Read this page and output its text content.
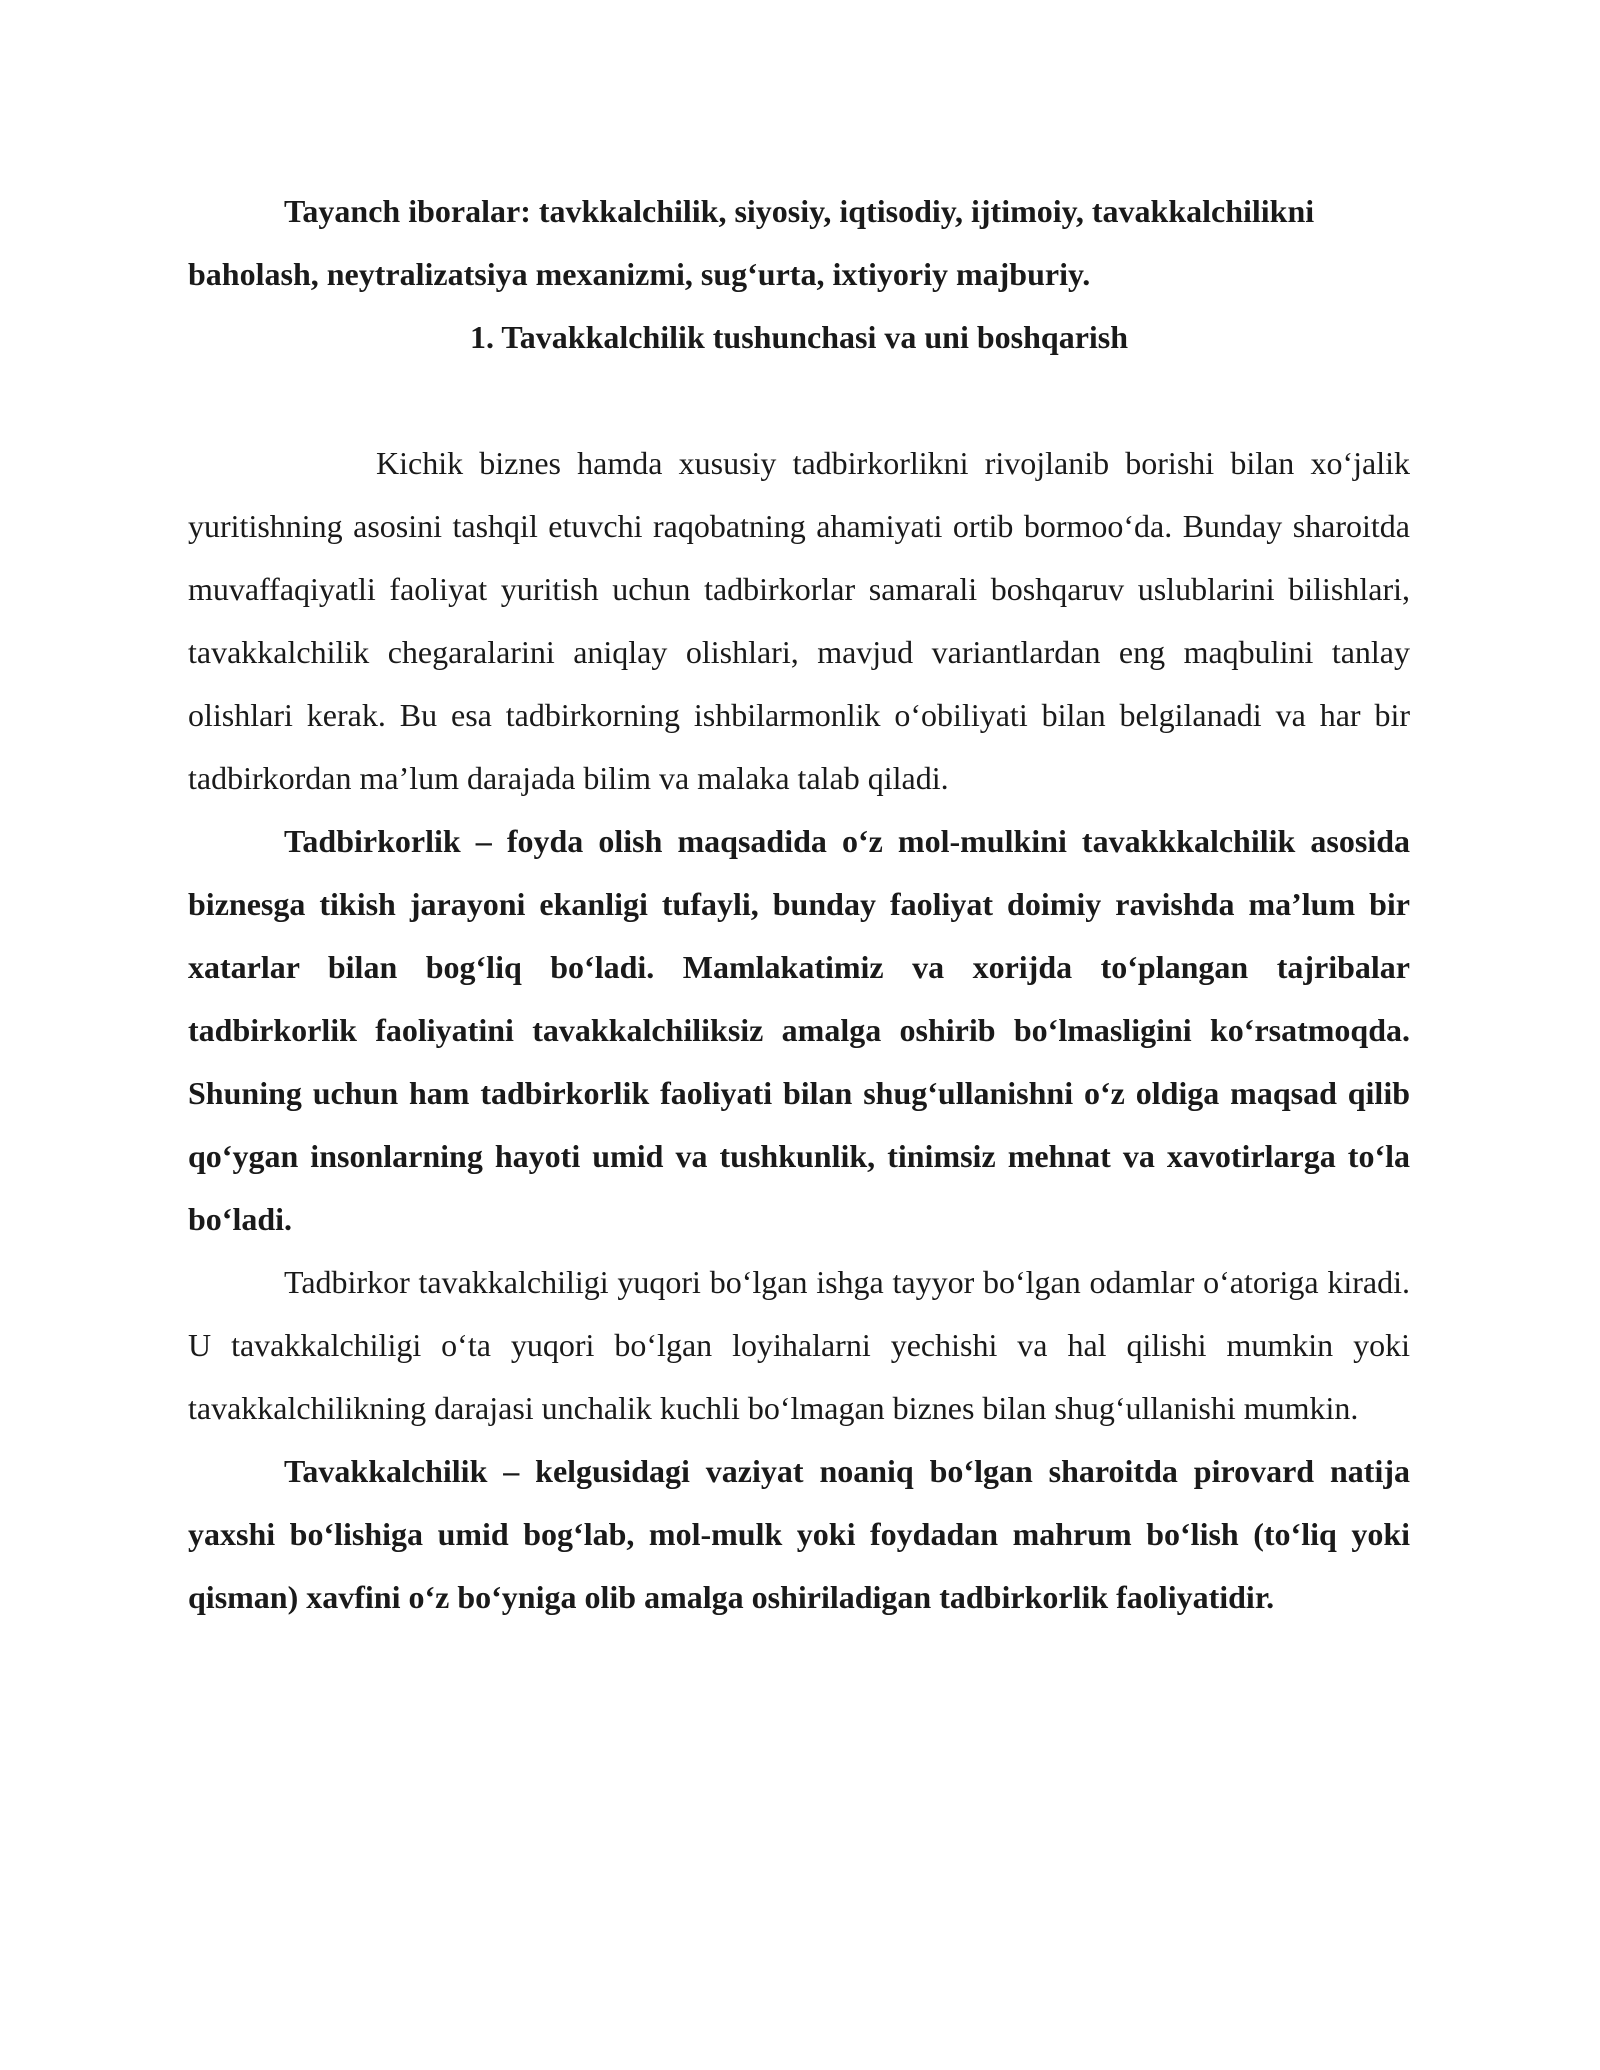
Tayanch iboralar: tavkkalchilik, siyosiy, iqtisodiy, ijtimoiy, tavakkalchilikni baholash, neytralizatsiya mexanizmi, sug‘urta, ixtiyoriy majburiy.

1. Tavakkalchilik tushunchasi va uni boshqarish

Kichik biznes hamda xususiy tadbirkorlikni rivojlanib borishi bilan xo‘jalik yuritishning asosini tashqil etuvchi raqobatning ahamiyati ortib bormoo‘da. Bunday sharoitda muvaffaqiyatli faoliyat yuritish uchun tadbirkorlar samarali boshqaruv uslublarini bilishlari, tavakkalchilik chegaralarini aniqlay olishlari, mavjud variantlardan eng maqbulini tanlay olishlari kerak. Bu esa tadbirkorning ishbilarmonlik o‘obiliyati bilan belgilanadi va har bir tadbirkordan ma’lum darajada bilim va malaka talab qiladi.

Tadbirkorlik – foyda olish maqsadida o‘z mol-mulkini tavakkkalchilik asosida biznesga tikish jarayoni ekanligi tufayli, bunday faoliyat doimiy ravishda ma’lum bir xatarlar bilan bog‘liq bo‘ladi. Mamlakatimiz va xorijda to‘plangan tajribalar tadbirkorlik faoliyatini tavakkalchiliksiz amalga oshirib bo‘lmasligini ko‘rsatmoqda. Shuning uchun ham tadbirkorlik faoliyati bilan shug‘ullanishni o‘z oldiga maqsad qilib qo‘ygan insonlarning hayoti umid va tushkunlik, tinimsiz mehnat va xavotirlarga to‘la bo‘ladi.

Tadbirkor tavakkalchiligi yuqori bo‘lgan ishga tayyor bo‘lgan odamlar o‘atoriga kiradi. U tavakkalchiligi o‘ta yuqori bo‘lgan loyihalarni yechishi va hal qilishi mumkin yoki tavakkalchilikning darajasi unchalik kuchli bo‘lmagan biznes bilan shug‘ullanishi mumkin.

Tavakkalchilik – kelgusidagi vaziyat noaniq bo‘lgan sharoitda pirovard natija yaxshi bo‘lishiga umid bog‘lab, mol-mulk yoki foydadan mahrum bo‘lish (to‘liq yoki qisman) xavfini o‘z bo‘yniga olib amalga oshiriladigan tadbirkorlik faoliyatidir.
